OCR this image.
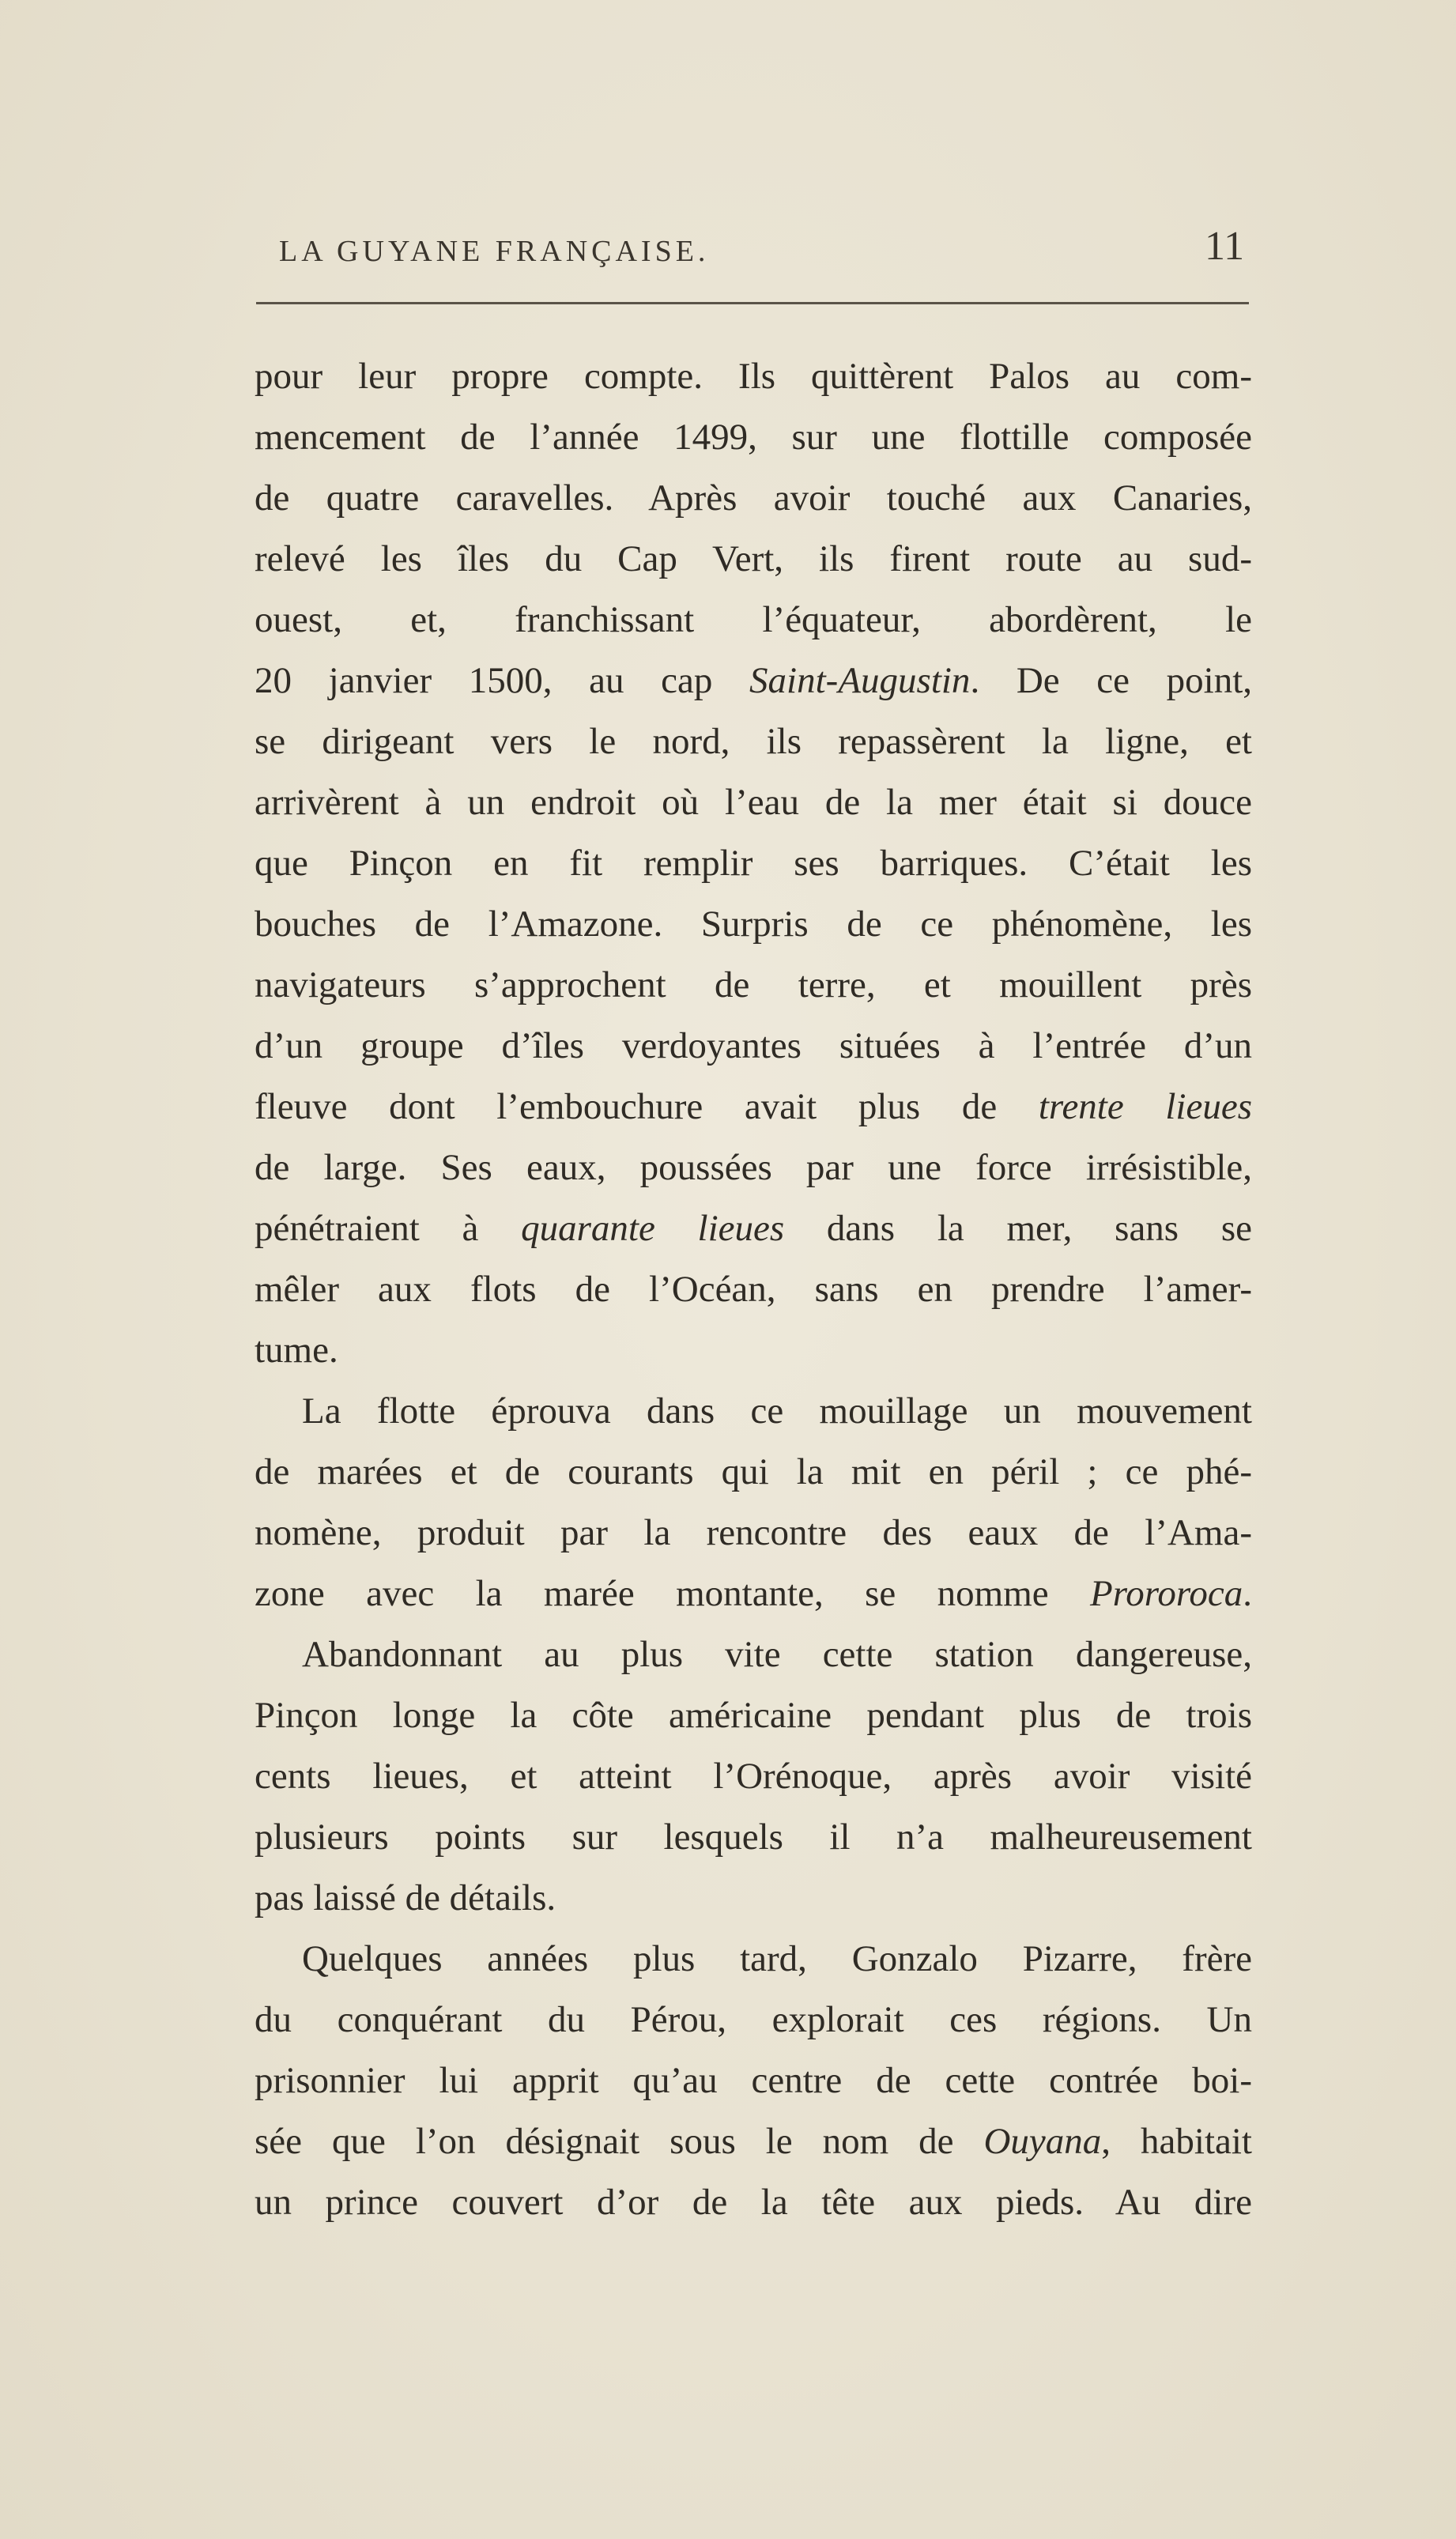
LA GUYANE FRANÇAISE.	11
pour leur propre compte. Ils quittèrent Palos au com-
mencement de l’année 1499, sur une flottille composée
de quatre caravelles. Après avoir touché aux Canaries,
relevé les îles du Cap Vert, ils firent route au sud-
ouest, et, franchissant l’équateur, abordèrent, le
20 janvier 1500, au cap Saint-Augustin. De ce point,
se dirigeant vers le nord, ils repassèrent la ligne, et
arrivèrent à un endroit où l’eau de la mer était si douce
que Pinçon en fit remplir ses barriques. C’était les
bouches de l’Amazone. Surpris de ce phénomène, les
navigateurs s’approchent de terre, et mouillent près
d’un groupe d’îles verdoyantes situées à l’entrée d’un
fleuve dont l’embouchure avait plus de trente lieues
de large. Ses eaux, poussées par une force irrésistible,
pénétraient à quarante lieues dans la mer, sans se
mêler aux flots de l’Océan, sans en prendre l’amer-
tume.
La flotte éprouva dans ce mouillage un mouvement
de marées et de courants qui la mit en péril ; ce phé-
nomène, produit par la rencontre des eaux de l’Ama-
zone avec la marée montante, se nomme Prororoca.
Abandonnant au plus vite cette station dangereuse,
Pinçon longe la côte américaine pendant plus de trois
cents lieues, et atteint l’Orénoque, après avoir visité
plusieurs points sur lesquels il n’a malheureusement
pas laissé de détails.
Quelques années plus tard, Gonzalo Pizarre, frère
du conquérant du Pérou, explorait ces régions. Un
prisonnier lui apprit qu’au centre de cette contrée boi-
sée que l’on désignait sous le nom de Ouyana, habitait
un prince couvert d’or de la tête aux pieds. Au dire
